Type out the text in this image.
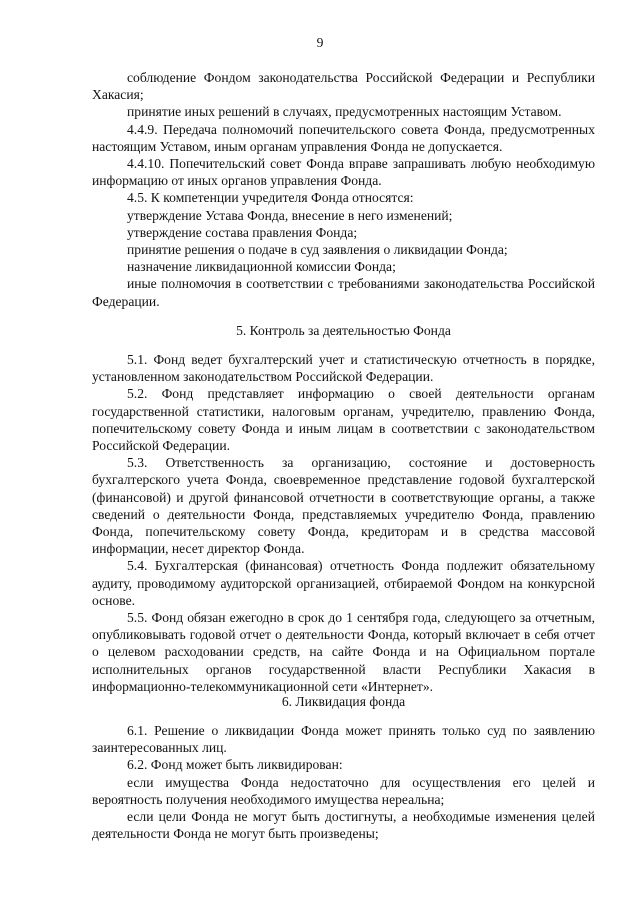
9

соблюдение Фондом законодательства Российской Федерации и Республики Хакасия;

принятие иных решений в случаях, предусмотренных настоящим Уставом.

4.4.9. Передача полномочий попечительского совета Фонда, предусмотренных настоящим Уставом, иным органам управления Фонда не допускается.

4.4.10. Попечительский совет Фонда вправе запрашивать любую необходимую информацию от иных органов управления Фонда.

4.5. К компетенции учредителя Фонда относятся:

утверждение Устава Фонда, внесение в него изменений;

утверждение состава правления Фонда;

принятие решения о подаче в суд заявления о ликвидации Фонда;

назначение ликвидационной комиссии Фонда;

иные полномочия в соответствии с требованиями законодательства Российской Федерации.

5. Контроль за деятельностью Фонда

5.1. Фонд ведет бухгалтерский учет и статистическую отчетность в порядке, установленном законодательством Российской Федерации.

5.2. Фонд представляет информацию о своей деятельности органам государственной статистики, налоговым органам, учредителю, правлению Фонда, попечительскому совету Фонда и иным лицам в соответствии с законодательством Российской Федерации.

5.3. Ответственность за организацию, состояние и достоверность бухгалтерского учета Фонда, своевременное представление годовой бухгалтерской (финансовой) и другой финансовой отчетности в соответствующие органы, а также сведений о деятельности Фонда, представляемых учредителю Фонда, правлению Фонда, попечительскому совету Фонда, кредиторам и в средства массовой информации, несет директор Фонда.

5.4. Бухгалтерская (финансовая) отчетность Фонда подлежит обязательному аудиту, проводимому аудиторской организацией, отбираемой Фондом на конкурсной основе.

5.5. Фонд обязан ежегодно в срок до 1 сентября года, следующего за отчетным, опубликовывать годовой отчет о деятельности Фонда, который включает в себя отчет о целевом расходовании средств, на сайте Фонда и на Официальном портале исполнительных органов государственной власти Республики Хакасия в информационно-телекоммуникационной сети «Интернет».

6. Ликвидация фонда

6.1. Решение о ликвидации Фонда может принять только суд по заявлению заинтересованных лиц.

6.2. Фонд может быть ликвидирован:

если имущества Фонда недостаточно для осуществления его целей и вероятность получения необходимого имущества нереальна;

если цели Фонда не могут быть достигнуты, а необходимые изменения целей деятельности Фонда не могут быть произведены;
